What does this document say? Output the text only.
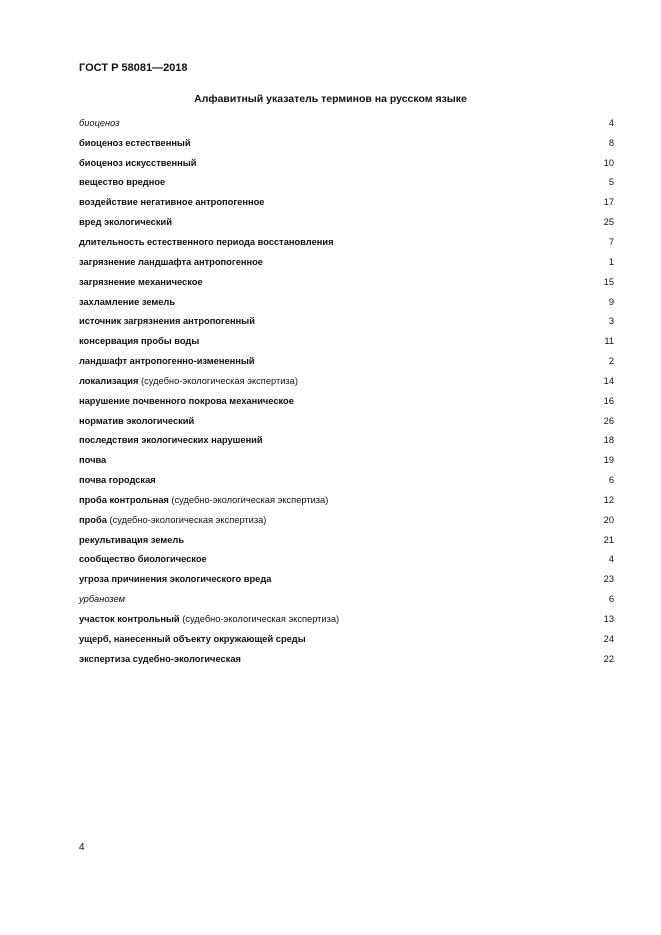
ГОСТ Р 58081—2018
Алфавитный указатель терминов на русском языке
биоценоз	4
биоценоз естественный	8
биоценоз искусственный	10
вещество вредное	5
воздействие негативное антропогенное	17
вред экологический	25
длительность естественного периода восстановления	7
загрязнение ландшафта антропогенное	1
загрязнение механическое	15
захламление земель	9
источник загрязнения антропогенный	3
консервация пробы воды	11
ландшафт антропогенно-измененный	2
локализация (судебно-экологическая экспертиза)	14
нарушение почвенного покрова механическое	16
норматив экологический	26
последствия экологических нарушений	18
почва	19
почва городская	6
проба контрольная (судебно-экологическая экспертиза)	12
проба (судебно-экологическая экспертиза)	20
рекультивация земель	21
сообщество биологическое	4
угроза причинения экологического вреда	23
урбанозем	6
участок контрольный (судебно-экологическая экспертиза)	13
ущерб, нанесенный объекту окружающей среды	24
экспертиза судебно-экологическая	22
4
